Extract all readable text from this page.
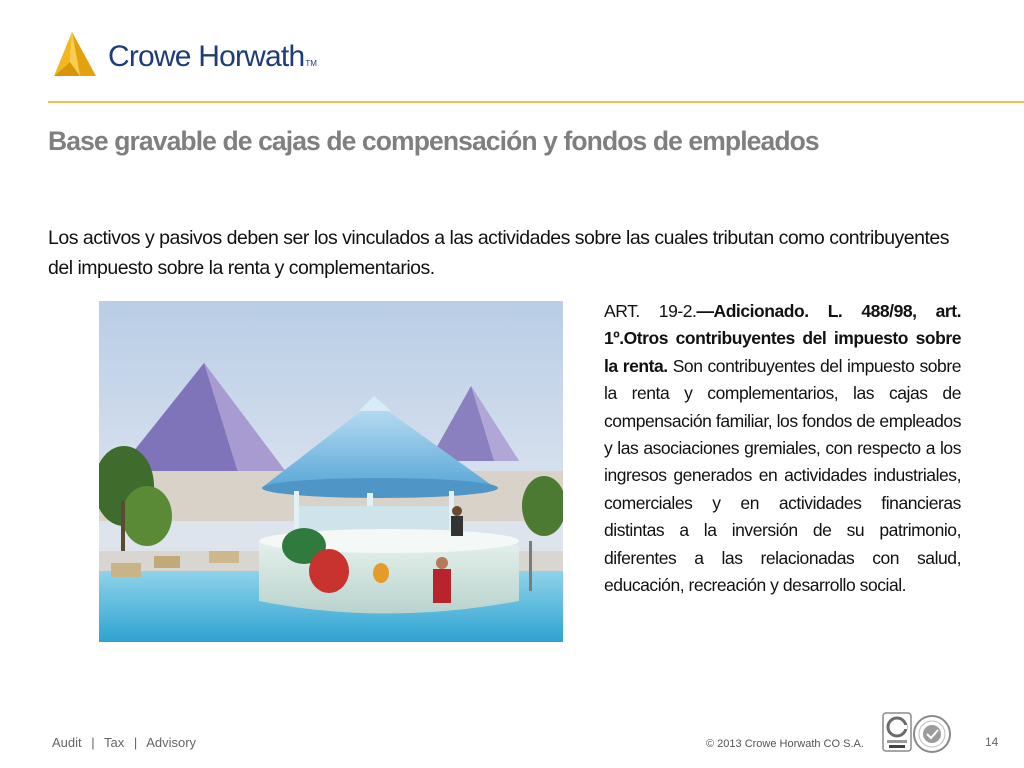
Crowe HorwathTM
Base gravable de cajas de compensación y fondos de empleados

Los activos y pasivos deben ser los vinculados a las actividades sobre las cuales tributan como contribuyentes del impuesto sobre la renta y complementarios.

ART. 19-2.—Adicionado. L. 488/98, art. 1º.Otros contribuyentes del impuesto sobre la renta. Son contribuyentes del impuesto sobre la renta y complementarios, las cajas de compensación familiar, los fondos de empleados y las asociaciones gremiales, con respecto a los ingresos generados en actividades industriales, comerciales y en actividades financieras distintas a la inversión de su patrimonio, diferentes a las relacionadas con salud, educación, recreación y desarrollo social.

Audit | Tax | Advisory	© 2013 Crowe Horwath CO S.A.	14
